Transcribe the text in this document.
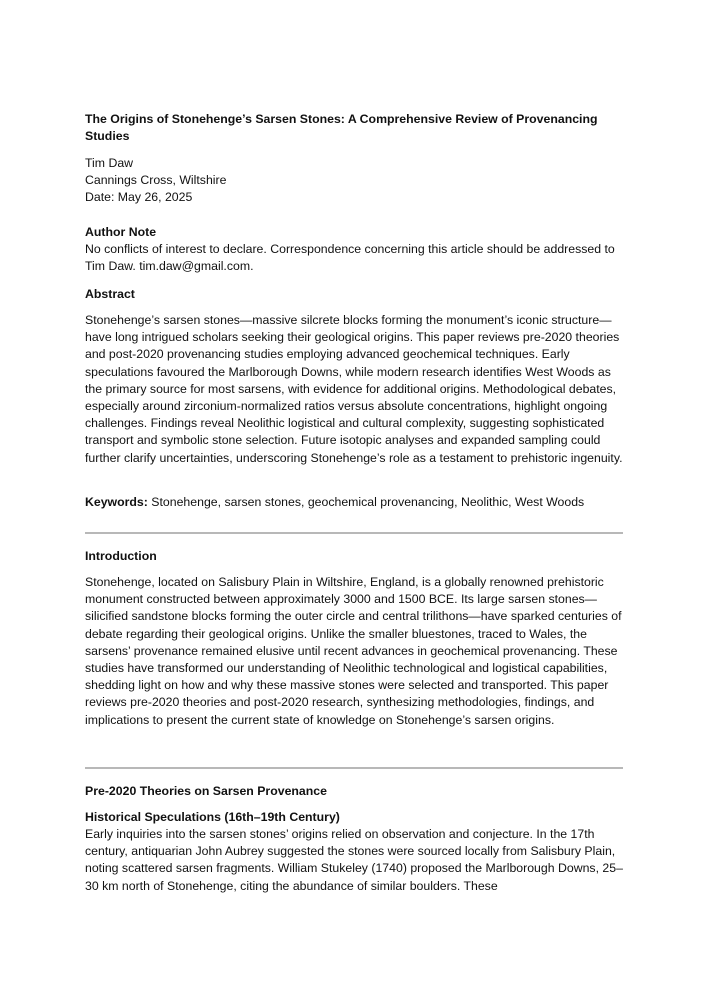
The Origins of Stonehenge’s Sarsen Stones: A Comprehensive Review of Provenancing Studies
Tim Daw
Cannings Cross, Wiltshire
Date: May 26, 2025
Author Note

No conflicts of interest to declare. Correspondence concerning this article should be addressed to Tim Daw. tim.daw@gmail.com.

Abstract

Stonehenge’s sarsen stones—massive silcrete blocks forming the monument’s iconic structure—have long intrigued scholars seeking their geological origins. This paper reviews pre-2020 theories and post-2020 provenancing studies employing advanced geochemical techniques. Early speculations favoured the Marlborough Downs, while modern research identifies West Woods as the primary source for most sarsens, with evidence for additional origins. Methodological debates, especially around zirconium-normalized ratios versus absolute concentrations, highlight ongoing challenges. Findings reveal Neolithic logistical and cultural complexity, suggesting sophisticated transport and symbolic stone selection. Future isotopic analyses and expanded sampling could further clarify uncertainties, underscoring Stonehenge’s role as a testament to prehistoric ingenuity.

Keywords: Stonehenge, sarsen stones, geochemical provenancing, Neolithic, West Woods

Introduction

Stonehenge, located on Salisbury Plain in Wiltshire, England, is a globally renowned prehistoric monument constructed between approximately 3000 and 1500 BCE. Its large sarsen stones—silicified sandstone blocks forming the outer circle and central trilithons—have sparked centuries of debate regarding their geological origins. Unlike the smaller bluestones, traced to Wales, the sarsens’ provenance remained elusive until recent advances in geochemical provenancing. These studies have transformed our understanding of Neolithic technological and logistical capabilities, shedding light on how and why these massive stones were selected and transported. This paper reviews pre-2020 theories and post-2020 research, synthesizing methodologies, findings, and implications to present the current state of knowledge on Stonehenge’s sarsen origins.

Pre-2020 Theories on Sarsen Provenance
Historical Speculations (16th–19th Century)

Early inquiries into the sarsen stones’ origins relied on observation and conjecture. In the 17th century, antiquarian John Aubrey suggested the stones were sourced locally from Salisbury Plain, noting scattered sarsen fragments. William Stukeley (1740) proposed the Marlborough Downs, 25–30 km north of Stonehenge, citing the abundance of similar boulders. These
